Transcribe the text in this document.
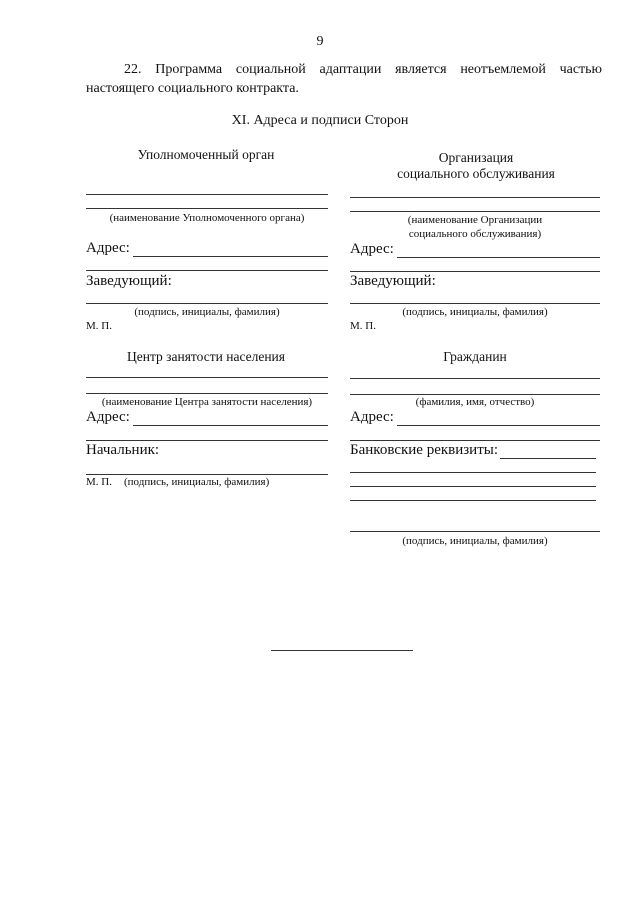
9
22. Программа социальной адаптации является неотъемлемой частью
настоящего социального контракта.
XI. Адреса и подписи Сторон
Уполномоченный орган
(наименование Уполномоченного органа)
Адрес:
Заведующий:
(подпись, инициалы, фамилия)
М. П.
Организация
социального обслуживания
(наименование Организации
социального обслуживания)
Адрес:
Заведующий:
(подпись, инициалы, фамилия)
М. П.
Центр занятости населения
(наименование Центра занятости населения)
Адрес:
Начальник:
М. П. (подпись, инициалы, фамилия)
Гражданин
(фамилия, имя, отчество)
Адрес:
Банковские реквизиты:
(подпись, инициалы, фамилия)
